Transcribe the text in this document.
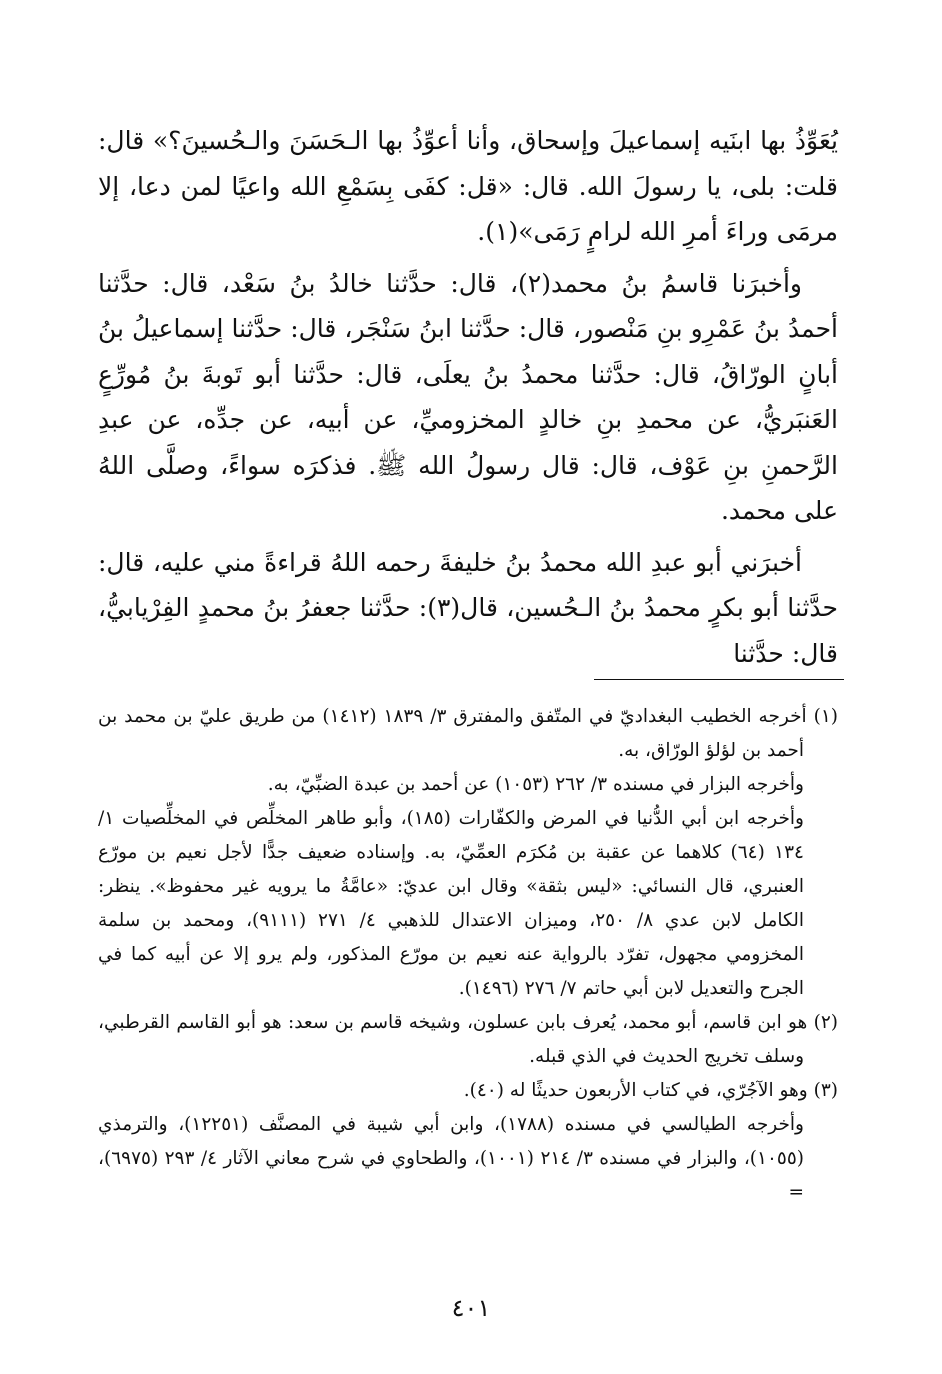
يُعَوِّذُ بها ابنَيه إسماعيلَ وإسحاق، وأنا أعوِّذُ بها الـحَسَنَ والـحُسينَ؟» قال: قلت: بلى، يا رسولَ الله. قال: «قل: كفَى بِسَمْعِ الله واعيًا لمن دعا، إلا مرمَى وراءَ أمرِ الله لرامٍ رَمَى»(١).

وأخبرَنا قاسمُ بنُ محمد(٢)، قال: حدَّثنا خالدُ بنُ سَعْد، قال: حدَّثنا أحمدُ بنُ عَمْرِو بنِ مَنْصور، قال: حدَّثنا ابنُ سَنْجَر، قال: حدَّثنا إسماعيلُ بنُ أبانٍ الورّاقُ، قال: حدَّثنا محمدُ بنُ يعلَى، قال: حدَّثنا أبو تَوبةَ بنُ مُورِّعٍ العَنبَريُّ، عن محمدِ بنِ خالدٍ المخزوميِّ، عن أبيه، عن جدِّه، عن عبدِ الرَّحمنِ بنِ عَوْف، قال: قال رسولُ الله ﷺ. فذكرَه سواءً، وصلَّى اللهُ على محمد.

أخبرَني أبو عبدِ الله محمدُ بنُ خليفةَ رحمه اللهُ قراءةً مني عليه، قال: حدَّثنا أبو بكرٍ محمدُ بنُ الـحُسين، قال(٣): حدَّثنا جعفرُ بنُ محمدٍ الفِرْيابيُّ، قال: حدَّثنا

(١) أخرجه الخطيب البغداديّ في المتّفق والمفترق ٣/ ١٨٣٩ (١٤١٢) من طريق عليّ بن محمد بن أحمد بن لؤلؤ الورّاق، به.

وأخرجه البزار في مسنده ٣/ ٢٦٢ (١٠٥٣) عن أحمد بن عبدة الضبِّيّ، به.

وأخرجه ابن أبي الدُّنيا في المرض والكفّارات (١٨٥)، وأبو طاهر المخلِّص في المخلِّصيات ١/ ١٣٤ (٦٤) كلاهما عن عقبة بن مُكرَم العمِّيّ، به. وإسناده ضعيف جدًّا لأجل نعيم بن مورّع العنبري، قال النسائي: «ليس بثقة» وقال ابن عديّ: «عامَّةُ ما يرويه غير محفوظ». ينظر: الكامل لابن عدي ٨/ ٢٥٠، وميزان الاعتدال للذهبي ٤/ ٢٧١ (٩١١١)، ومحمد بن سلمة المخزومي مجهول، تفرّد بالرواية عنه نعيم بن مورّع المذكور، ولم يرو إلا عن أبيه كما في الجرح والتعديل لابن أبي حاتم ٧/ ٢٧٦ (١٤٩٦).

(٢) هو ابن قاسم، أبو محمد، يُعرف بابن عسلون، وشيخه قاسم بن سعد: هو أبو القاسم القرطبي، وسلف تخريج الحديث في الذي قبله.

(٣) وهو الآجُرّي، في كتاب الأربعون حديثًا له (٤٠).

وأخرجه الطيالسي في مسنده (١٧٨٨)، وابن أبي شيبة في المصنَّف (١٢٢٥١)، والترمذي (١٠٥٥)، والبزار في مسنده ٣/ ٢١٤ (١٠٠١)، والطحاوي في شرح معاني الآثار ٤/ ٢٩٣ (٦٩٧٥)، =

٤٠١
